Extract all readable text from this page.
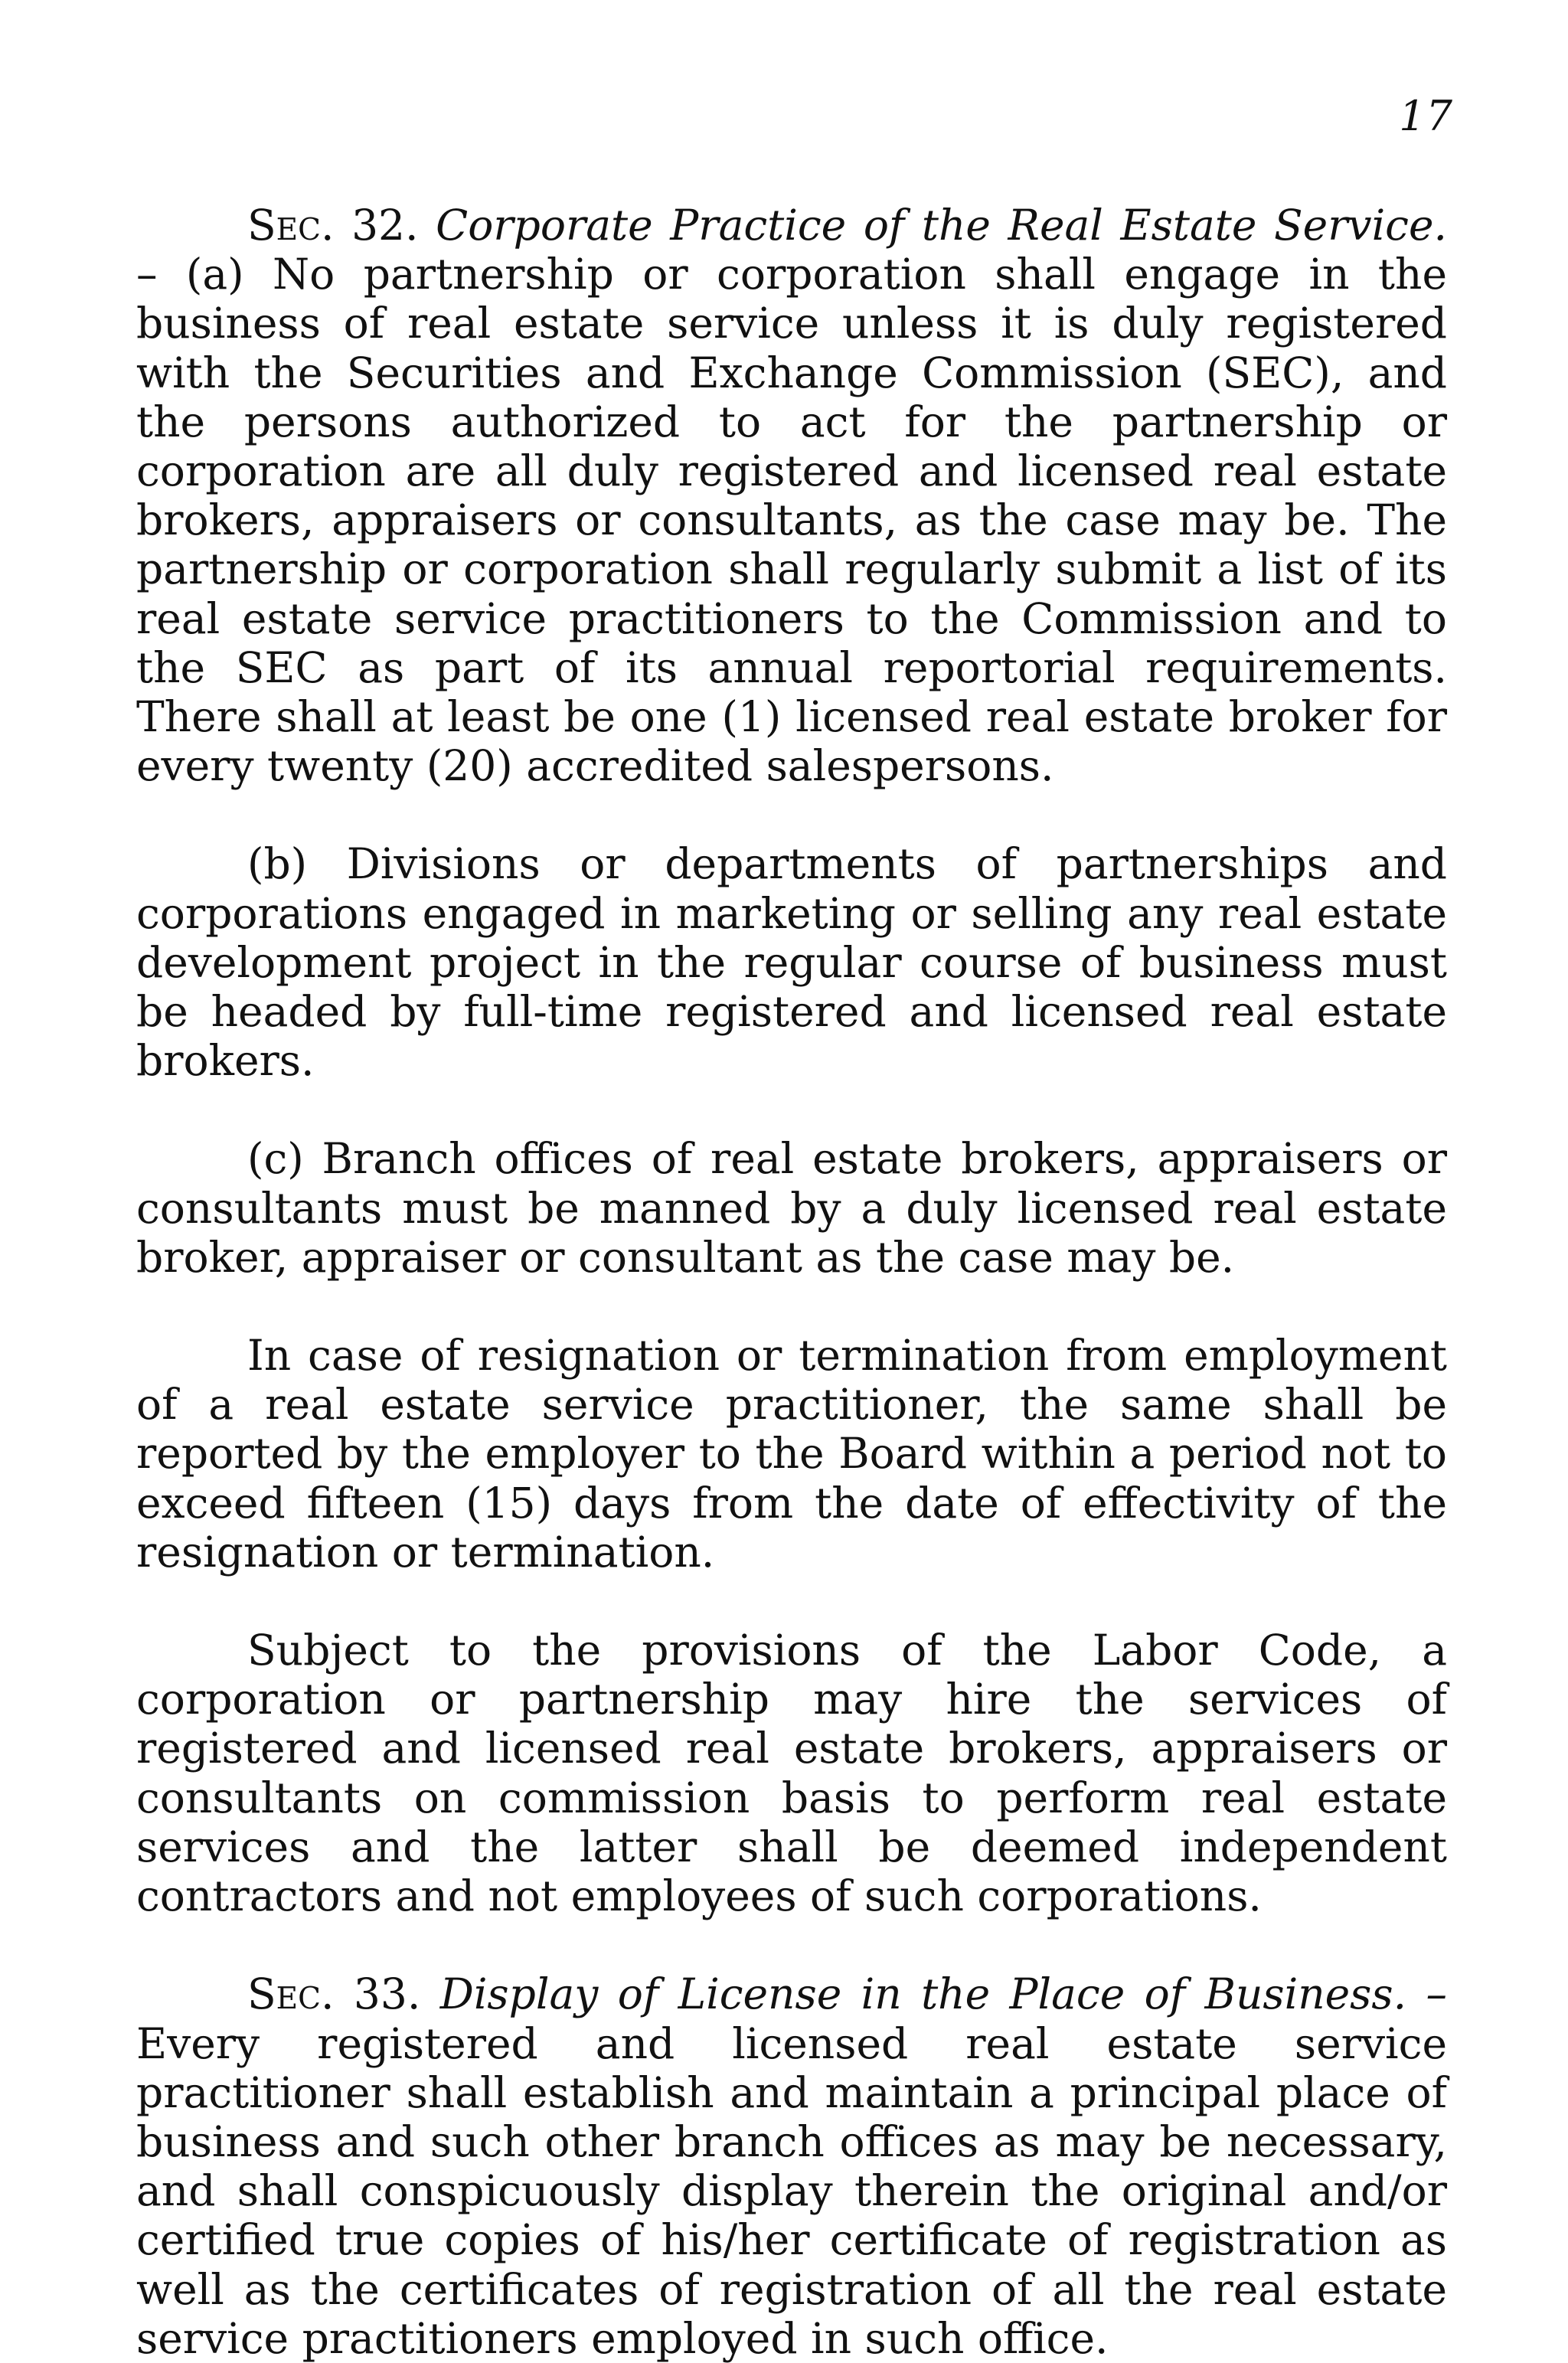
17

Sec. 32. Corporate Practice of the Real Estate Service. – (a) No partnership or corporation shall engage in the business of real estate service unless it is duly registered with the Securities and Exchange Commission (SEC), and the persons authorized to act for the partnership or corporation are all duly registered and licensed real estate brokers, appraisers or consultants, as the case may be. The partnership or corporation shall regularly submit a list of its real estate service practitioners to the Commission and to the SEC as part of its annual reportorial requirements. There shall at least be one (1) licensed real estate broker for every twenty (20) accredited salespersons.

(b) Divisions or departments of partnerships and corporations engaged in marketing or selling any real estate development project in the regular course of business must be headed by full-time registered and licensed real estate brokers.

(c) Branch offices of real estate brokers, appraisers or consultants must be manned by a duly licensed real estate broker, appraiser or consultant as the case may be.

In case of resignation or termination from employment of a real estate service practitioner, the same shall be reported by the employer to the Board within a period not to exceed fifteen (15) days from the date of effectivity of the resignation or termination.

Subject to the provisions of the Labor Code, a corporation or partnership may hire the services of registered and licensed real estate brokers, appraisers or consultants on commission basis to perform real estate services and the latter shall be deemed independent contractors and not employees of such corporations.

Sec. 33. Display of License in the Place of Business. – Every registered and licensed real estate service practitioner shall establish and maintain a principal place of business and such other branch offices as may be necessary, and shall conspicuously display therein the original and/or certified true copies of his/her certificate of registration as well as the certificates of registration of all the real estate service practitioners employed in such office.
